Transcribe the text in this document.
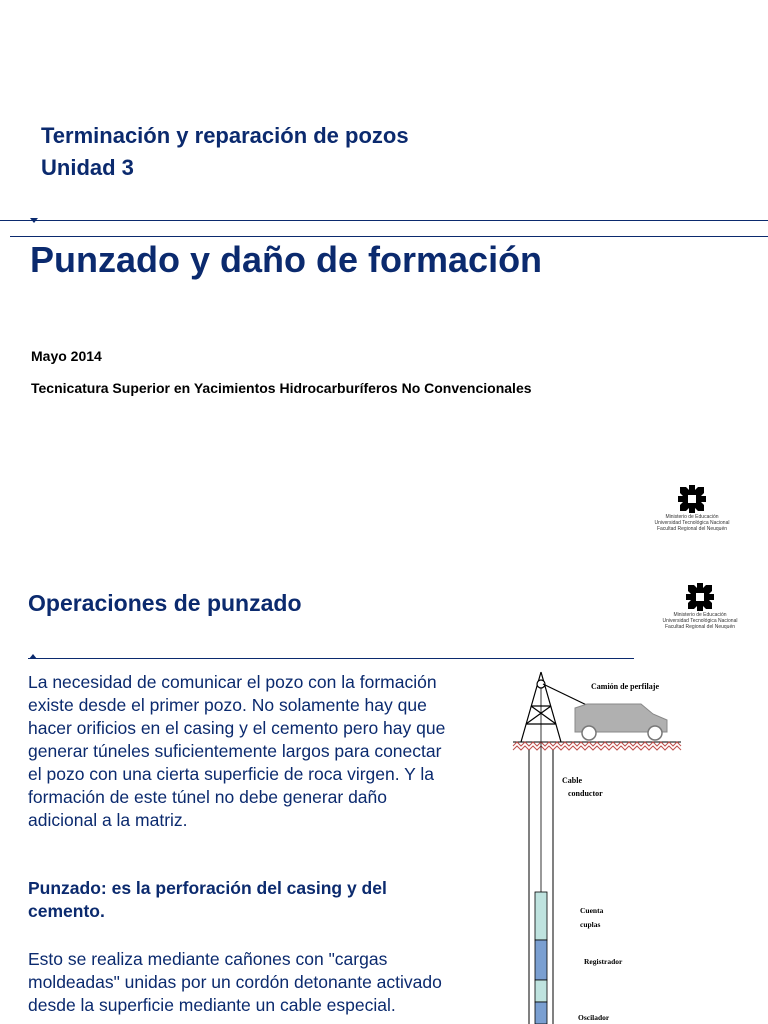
Terminación y reparación de pozos
Unidad 3
Punzado y daño de formación
Mayo 2014
Tecnicatura Superior en Yacimientos Hidrocarburíferos No Convencionales
Ministerio de Educación
Universidad Tecnológica Nacional
Facultad Regional del Neuquén
Operaciones de punzado	Ministerio de Educación
Universidad Tecnológica Nacional
Facultad Regional del Neuquén
La necesidad de comunicar el pozo con la formación existe desde el primer pozo. No solamente hay que hacer orificios en el casing y el cemento pero hay que generar túneles suficientemente largos para conectar el pozo con una cierta superficie de roca virgen. Y la formación de este túnel no debe generar daño adicional a la matriz.
Punzado: es la perforación del casing y del cemento.
Esto se realiza mediante cañones con "cargas moldeadas" unidas por un cordón detonante activado desde la superficie mediante un cable especial.
Camión de perfilaje
Cable
conductor
Cuenta
cuplas
Registrador
Oscilador
